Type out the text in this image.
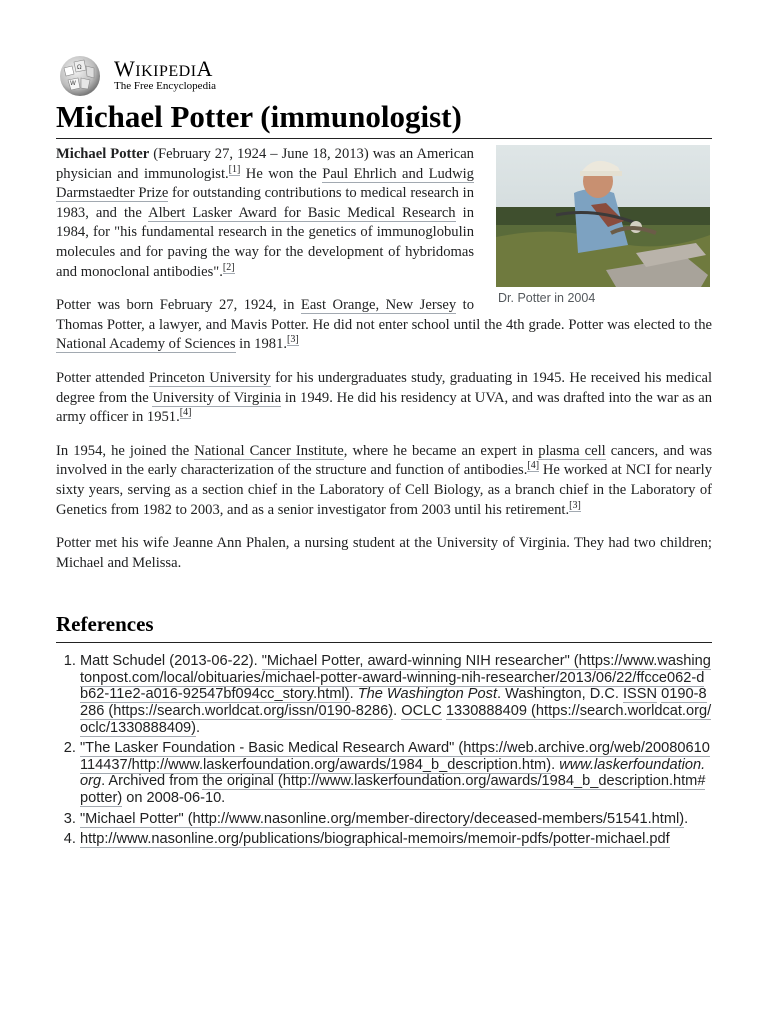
Ω
W
WIKIPEDIA
The Free Encyclopedia
Michael Potter (immunologist)
Dr. Potter in 2004

Michael Potter (February 27, 1924 – June 18, 2013) was an American physician and immunologist.[1] He won the Paul Ehrlich and Ludwig Darmstaedter Prize for outstanding contributions to medical research in 1983, and the Albert Lasker Award for Basic Medical Research in 1984, for "his fundamental research in the genetics of immunoglobulin molecules and for paving the way for the development of hybridomas and monoclonal antibodies".[2]

Potter was born February 27, 1924, in East Orange, New Jersey to Thomas Potter, a lawyer, and Mavis Potter. He did not enter school until the 4th grade. Potter was elected to the National Academy of Sciences in 1981.[3]

Potter attended Princeton University for his undergraduates study, graduating in 1945. He received his medical degree from the University of Virginia in 1949. He did his residency at UVA, and was drafted into the war as an army officer in 1951.[4]

In 1954, he joined the National Cancer Institute, where he became an expert in plasma cell cancers, and was involved in the early characterization of the structure and function of antibodies.[4] He worked at NCI for nearly sixty years, serving as a section chief in the Laboratory of Cell Biology, as a branch chief in the Laboratory of Genetics from 1982 to 2003, and as a senior investigator from 2003 until his retirement.[3]

Potter met his wife Jeanne Ann Phalen, a nursing student at the University of Virginia. They had two children; Michael and Melissa.

References
1. Matt Schudel (2013-06-22). "Michael Potter, award-winning NIH researcher" (https://www.washingtonpost.com/local/obituaries/michael-potter-award-winning-nih-researcher/2013/06/22/ffcce062-db62-11e2-a016-92547bf094cc_story.html). The Washington Post. Washington, D.C. ISSN 0190-8286 (https://search.worldcat.org/issn/0190-8286). OCLC 1330888409 (https://search.worldcat.org/oclc/1330888409).
2. "The Lasker Foundation - Basic Medical Research Award" (https://web.archive.org/web/20080610114437/http://www.laskerfoundation.org/awards/1984_b_description.htm). www.laskerfoundation.org. Archived from the original (http://www.laskerfoundation.org/awards/1984_b_description.htm#potter) on 2008-06-10.
3. "Michael Potter" (http://www.nasonline.org/member-directory/deceased-members/51541.html).
4. http://www.nasonline.org/publications/biographical-memoirs/memoir-pdfs/potter-michael.pdf
